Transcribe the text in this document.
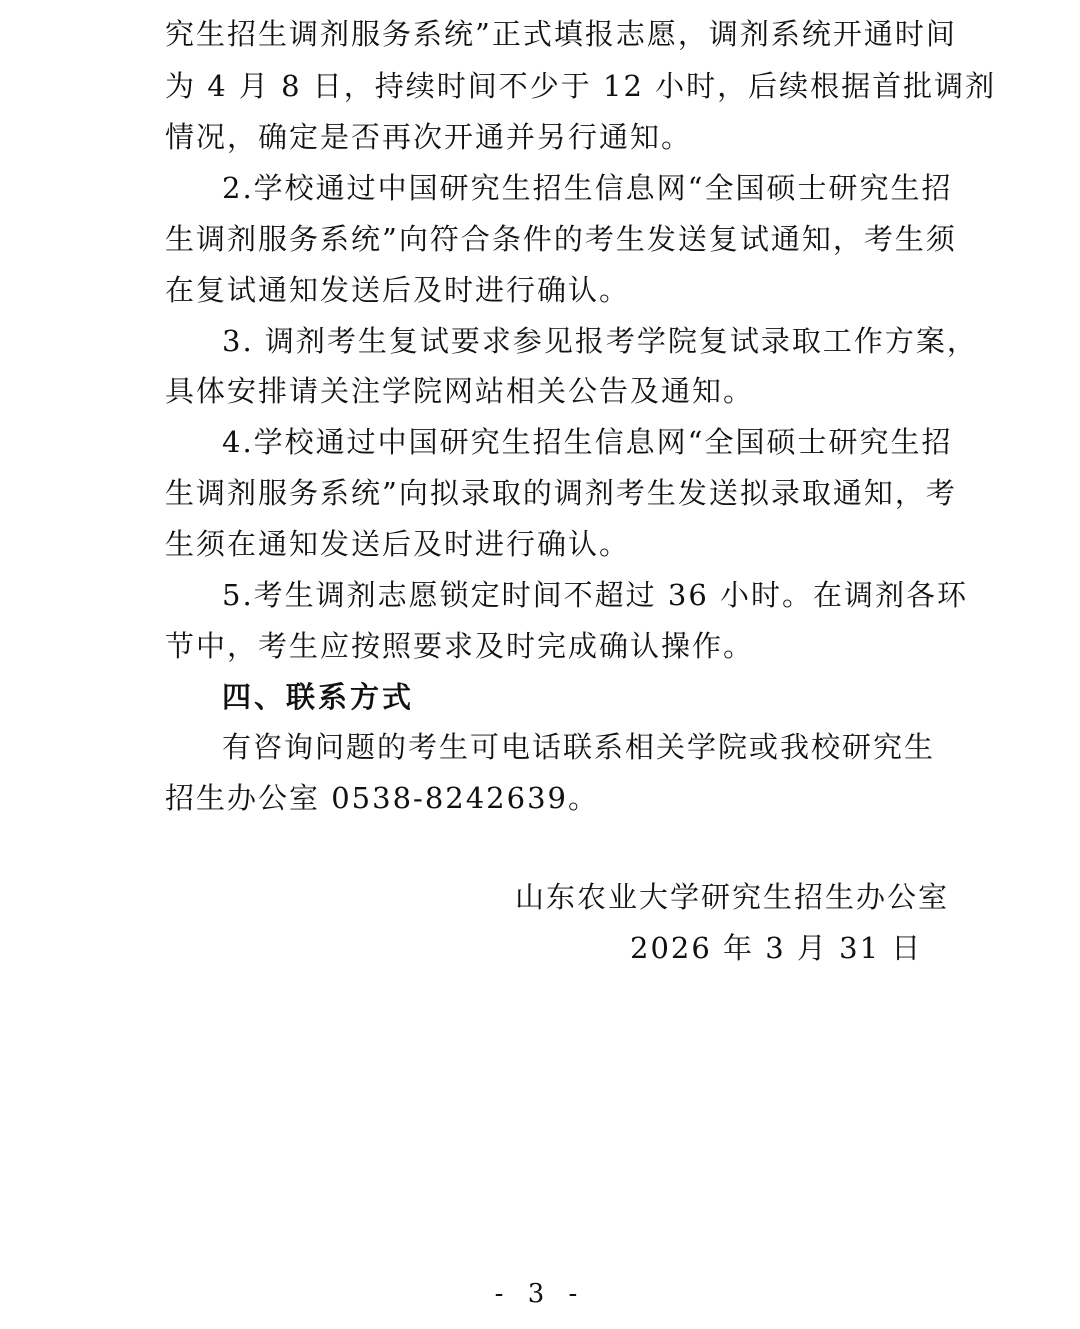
究生招生调剂服务系统”正式填报志愿，调剂系统开通时间
为 4 月 8 日，持续时间不少于 12 小时，后续根据首批调剂
情况，确定是否再次开通并另行通知。
2.学校通过中国研究生招生信息网“全国硕士研究生招
生调剂服务系统”向符合条件的考生发送复试通知，考生须
在复试通知发送后及时进行确认。
3. 调剂考生复试要求参见报考学院复试录取工作方案，
具体安排请关注学院网站相关公告及通知。
4.学校通过中国研究生招生信息网“全国硕士研究生招
生调剂服务系统”向拟录取的调剂考生发送拟录取通知，考
生须在通知发送后及时进行确认。
5.考生调剂志愿锁定时间不超过 36 小时。在调剂各环
节中，考生应按照要求及时完成确认操作。
四、联系方式
有咨询问题的考生可电话联系相关学院或我校研究生
招生办公室 0538-8242639。
山东农业大学研究生招生办公室
2026 年 3 月 31 日
- 3 -
